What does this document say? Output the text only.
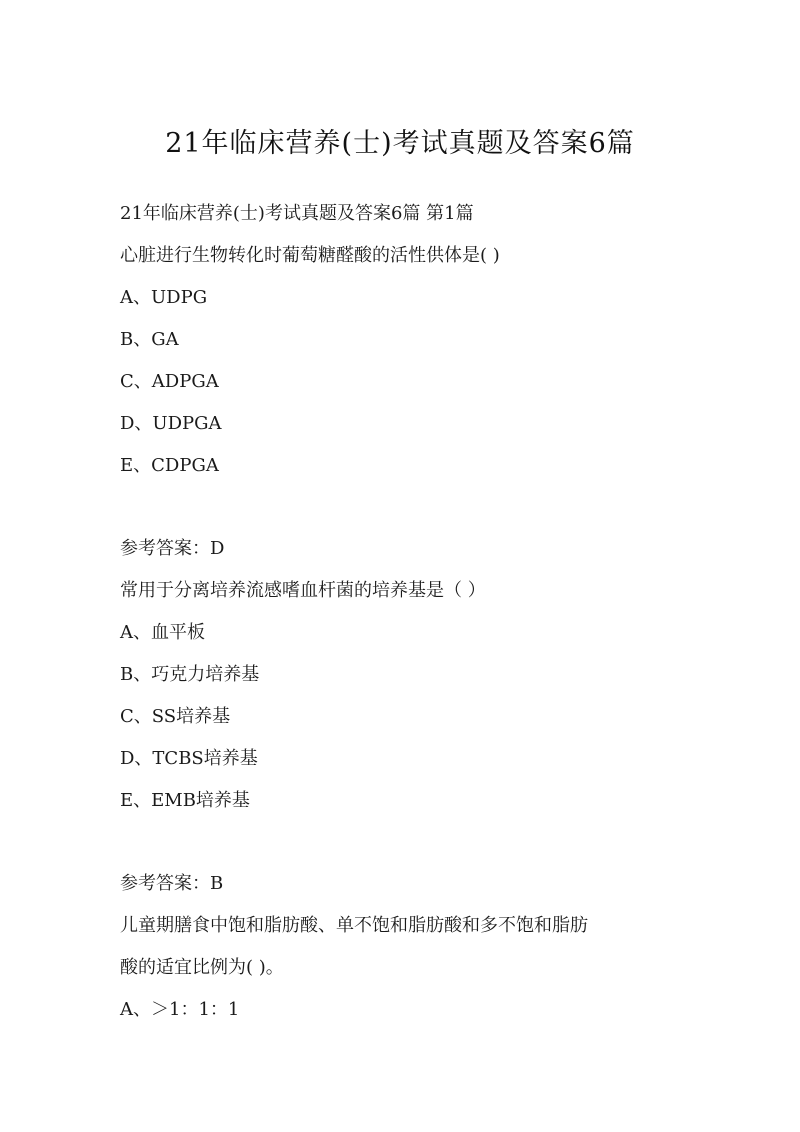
21年临床营养(士)考试真题及答案6篇
21年临床营养(士)考试真题及答案6篇 第1篇
心脏进行生物转化时葡萄糖醛酸的活性供体是( )
A、UDPG
B、GA
C、ADPGA
D、UDPGA
E、CDPGA
参考答案：D
常用于分离培养流感嗜血杆菌的培养基是（ ）
A、血平板
B、巧克力培养基
C、SS培养基
D、TCBS培养基
E、EMB培养基
参考答案：B
儿童期膳食中饱和脂肪酸、单不饱和脂肪酸和多不饱和脂肪
酸的适宜比例为( )。
A、＞1：1：1
